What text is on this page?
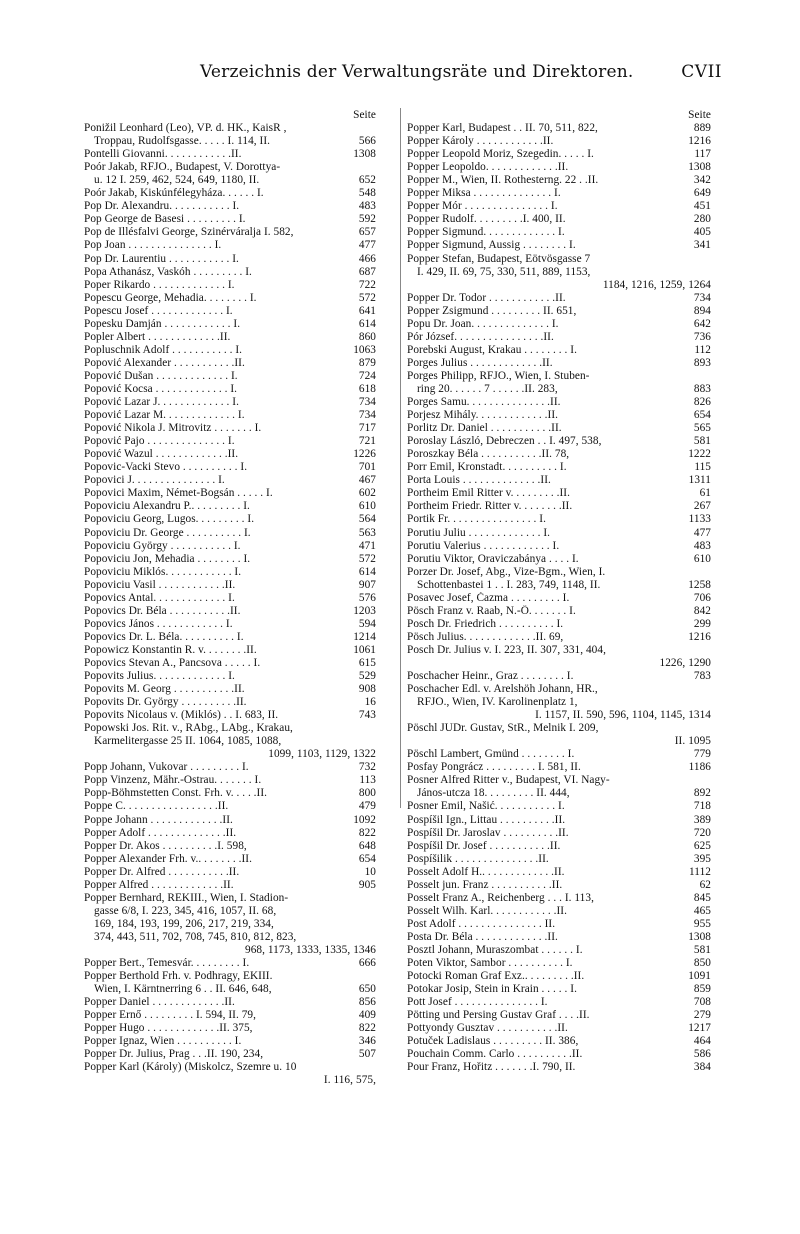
Verzeichnis der Verwaltungsräte und Direktoren.	CVII
Seite
Ponižil Leonhard (Leo), VP. d. HK., KaisR ,
Troppau, Rudolfsgasse. . . . . I. 114, II.	566
Pontelli Giovanni. . . . . . . . . . . .II.	1308
Poór Jakab, RFJO., Budapest, V. Dorottya-
u. 12 I. 259, 462, 524, 649, 1180, II.	652
Poór Jakab, Kiskúnfélegyháza. . . . . . I.	548
Pop Dr. Alexandru. . . . . . . . . . . I.	483
Pop George de Basesi . . . . . . . . . I.	592
Pop de Illésfalvi George, Szinérváralja I. 582,	657
Pop Joan . . . . . . . . . . . . . . . I.	477
Pop Dr. Laurentiu . . . . . . . . . . . I.	466
Popa Athanász, Vaskóh . . . . . . . . . I.	687
Poper Rikardo . . . . . . . . . . . . . I.	722
Popescu George, Mehadia. . . . . . . . I.	572
Popescu Josef . . . . . . . . . . . . . I.	641
Popesku Damján . . . . . . . . . . . . I.	614
Popler Albert . . . . . . . . . . . . .II.	860
Popluschnik Adolf . . . . . . . . . . . I.	1063
Popović Alexander . . . . . . . . . . .II.	879
Popović Dušan . . . . . . . . . . . . . I.	724
Popović Kocsa . . . . . . . . . . . . . I.	618
Popović Lazar J. . . . . . . . . . . . . I.	734
Popović Lazar M. . . . . . . . . . . . . I.	734
Popović Nikola J. Mitrovitz . . . . . . . I.	717
Popović Pajo . . . . . . . . . . . . . . I.	721
Popović Wazul . . . . . . . . . . . . .II.	1226
Popovic-Vacki Stevo . . . . . . . . . . I.	701
Popovici J. . . . . . . . . . . . . . . I.	467
Popovici Maxim, Német-Bogsán . . . . . I.	602
Popoviciu Alexandru P.. . . . . . . . . I.	610
Popoviciu Georg, Lugos. . . . . . . . . I.	564
Popoviciu Dr. George . . . . . . . . . . I.	563
Popoviciu György . . . . . . . . . . . I.	471
Popoviciu Jon, Mehadia . . . . . . . . I.	572
Popoviciu Miklós. . . . . . . . . . . . I.	614
Popoviciu Vasil . . . . . . . . . . . .II.	907
Popovics Antal. . . . . . . . . . . . . I.	576
Popovics Dr. Béla . . . . . . . . . . .II.	1203
Popovics János . . . . . . . . . . . . I.	594
Popovics Dr. L. Béla. . . . . . . . . . I.	1214
Popowicz Konstantin R. v. . . . . . . .II.	1061
Popovics Stevan A., Pancsova . . . . . I.	615
Popovits Julius. . . . . . . . . . . . . I.	529
Popovits M. Georg . . . . . . . . . . .II.	908
Popovits Dr. György . . . . . . . . . .II.	16
Popovits Nicolaus v. (Miklós) . . I. 683, II.	743
Popowski Jos. Rit. v., RAbg., LAbg., Krakau,
Karmelitergasse 25 II. 1064, 1085, 1088,
1099, 1103, 1129, 1322
Popp Johann, Vukovar . . . . . . . . . I.	732
Popp Vinzenz, Mähr.-Ostrau. . . . . . . I.	113
Popp-Böhmstetten Const. Frh. v. . . . .II.	800
Poppe C. . . . . . . . . . . . . . . . .II.	479
Poppe Johann . . . . . . . . . . . . .II.	1092
Popper Adolf . . . . . . . . . . . . . .II.	822
Popper Dr. Akos . . . . . . . . . .I. 598,	648
Popper Alexander Frh. v.. . . . . . . .II.	654
Popper Dr. Alfred . . . . . . . . . . .II.	10
Popper Alfred . . . . . . . . . . . . .II.	905
Popper Bernhard, REKIII., Wien, I. Stadion-
gasse 6/8, I. 223, 345, 416, 1057, II. 68,
169, 184, 193, 199, 206, 217, 219, 334,
374, 443, 511, 702, 708, 745, 810, 812, 823,
968, 1173, 1333, 1335, 1346
Popper Bert., Temesvár. . . . . . . . . I.	666
Popper Berthold Frh. v. Podhragy, EKIII.
Wien, I. Kärntnerring 6 . . II. 646, 648,	650
Popper Daniel . . . . . . . . . . . . .II.	856
Popper Ernő . . . . . . . . . I. 594, II. 79,	409
Popper Hugo . . . . . . . . . . . . .II. 375,	822
Popper Ignaz, Wien . . . . . . . . . . I.	346
Popper Dr. Julius, Prag . . .II. 190, 234,	507
Popper Karl (Károly) (Miskolcz, Szemre u. 10
I. 116, 575,
Seite
Popper Karl, Budapest . . II. 70, 511, 822,	889
Popper Károly . . . . . . . . . . . .II.	1216
Popper Leopold Moriz, Szegedin. . . . . I.	117
Popper Leopoldo. . . . . . . . . . . . .II.	1308
Popper M., Wien, II. Rothesterng. 22 . .II.	342
Popper Miksa . . . . . . . . . . . . . . I.	649
Popper Mór . . . . . . . . . . . . . . . I.	451
Popper Rudolf. . . . . . . . .I. 400, II.	280
Popper Sigmund. . . . . . . . . . . . . I.	405
Popper Sigmund, Aussig . . . . . . . . I.	341
Popper Stefan, Budapest, Eötvösgasse 7
I. 429, II. 69, 75, 330, 511, 889, 1153,
1184, 1216, 1259, 1264
Popper Dr. Todor . . . . . . . . . . . .II.	734
Popper Zsigmund . . . . . . . . . II. 651,	894
Popu Dr. Joan. . . . . . . . . . . . . . I.	642
Pór József. . . . . . . . . . . . . . . .II.	736
Porebski August, Krakau . . . . . . . . I.	112
Porges Julius . . . . . . . . . . . . .II.	893
Porges Philipp, RFJO., Wien, I. Stuben-
ring 20. . . . . . 7 . . . . . .II. 283,	883
Porges Samu. . . . . . . . . . . . . . .II.	826
Porjesz Mihály. . . . . . . . . . . . .II.	654
Porlitz Dr. Daniel . . . . . . . . . . .II.	565
Poroslay László, Debreczen . . I. 497, 538,	581
Poroszkay Béla . . . . . . . . . . .II. 78,	1222
Porr Emil, Kronstadt. . . . . . . . . . I.	115
Porta Louis . . . . . . . . . . . . . .II.	1311
Portheim Emil Ritter v. . . . . . . . .II.	61
Portheim Friedr. Ritter v. . . . . . . .II.	267
Portik Fr. . . . . . . . . . . . . . . . I.	1133
Porutiu Juliu . . . . . . . . . . . . . I.	477
Porutiu Valerius . . . . . . . . . . . . I.	483
Porutiu Viktor, Oraviczabánya . . . . I.	610
Porzer Dr. Josef, Abg., Vize-Bgm., Wien, I.
Schottenbastei 1 . . I. 283, 749, 1148, II.	1258
Posavec Josef, Čazma . . . . . . . . . I.	706
Pösch Franz v. Raab, N.-Ö. . . . . . . I.	842
Posch Dr. Friedrich . . . . . . . . . . I.	299
Pösch Julius. . . . . . . . . . . . .II. 69,	1216
Posch Dr. Julius v. I. 223, II. 307, 331, 404,
1226, 1290
Poschacher Heinr., Graz . . . . . . . . I.	783
Poschacher Edl. v. Arelshöh Johann, HR.,
RFJO., Wien, IV. Karolinenplatz 1,
I. 1157, II. 590, 596, 1104, 1145, 1314
Pöschl JUDr. Gustav, StR., Melnik I. 209,
II. 1095
Pöschl Lambert, Gmünd . . . . . . . . I.	779
Posfay Pongrácz . . . . . . . . . I. 581, II.	1186
Posner Alfred Ritter v., Budapest, VI. Nagy-
János-utcza 18. . . . . . . . . II. 444,	892
Posner Emil, Našić. . . . . . . . . . . I.	718
Pospíšil Ign., Littau . . . . . . . . . .II.	389
Pospíšil Dr. Jaroslav . . . . . . . . . .II.	720
Pospíšil Dr. Josef . . . . . . . . . . .II.	625
Pospíšilik . . . . . . . . . . . . . . .II.	395
Posselt Adolf H.. . . . . . . . . . . . .II.	1112
Posselt jun. Franz . . . . . . . . . . .II.	62
Posselt Franz A., Reichenberg . . . I. 113,	845
Posselt Wilh. Karl. . . . . . . . . . . .II.	465
Post Adolf . . . . . . . . . . . . . . . II.	955
Posta Dr. Béla . . . . . . . . . . . . .II.	1308
Posztl Johann, Muraszombat . . . . . . I.	581
Poten Viktor, Sambor . . . . . . . . . . I.	850
Potocki Roman Graf Exz.. . . . . . . . .II.	1091
Potokar Josip, Stein in Krain . . . . . I.	859
Pott Josef . . . . . . . . . . . . . . . I.	708
Pötting und Persing Gustav Graf . . . .II.	279
Pottyondy Gusztav . . . . . . . . . . .II.	1217
Potuček Ladislaus . . . . . . . . . II. 386,	464
Pouchain Comm. Carlo . . . . . . . . . .II.	586
Pour Franz, Hořitz . . . . . . .I. 790, II.	384
